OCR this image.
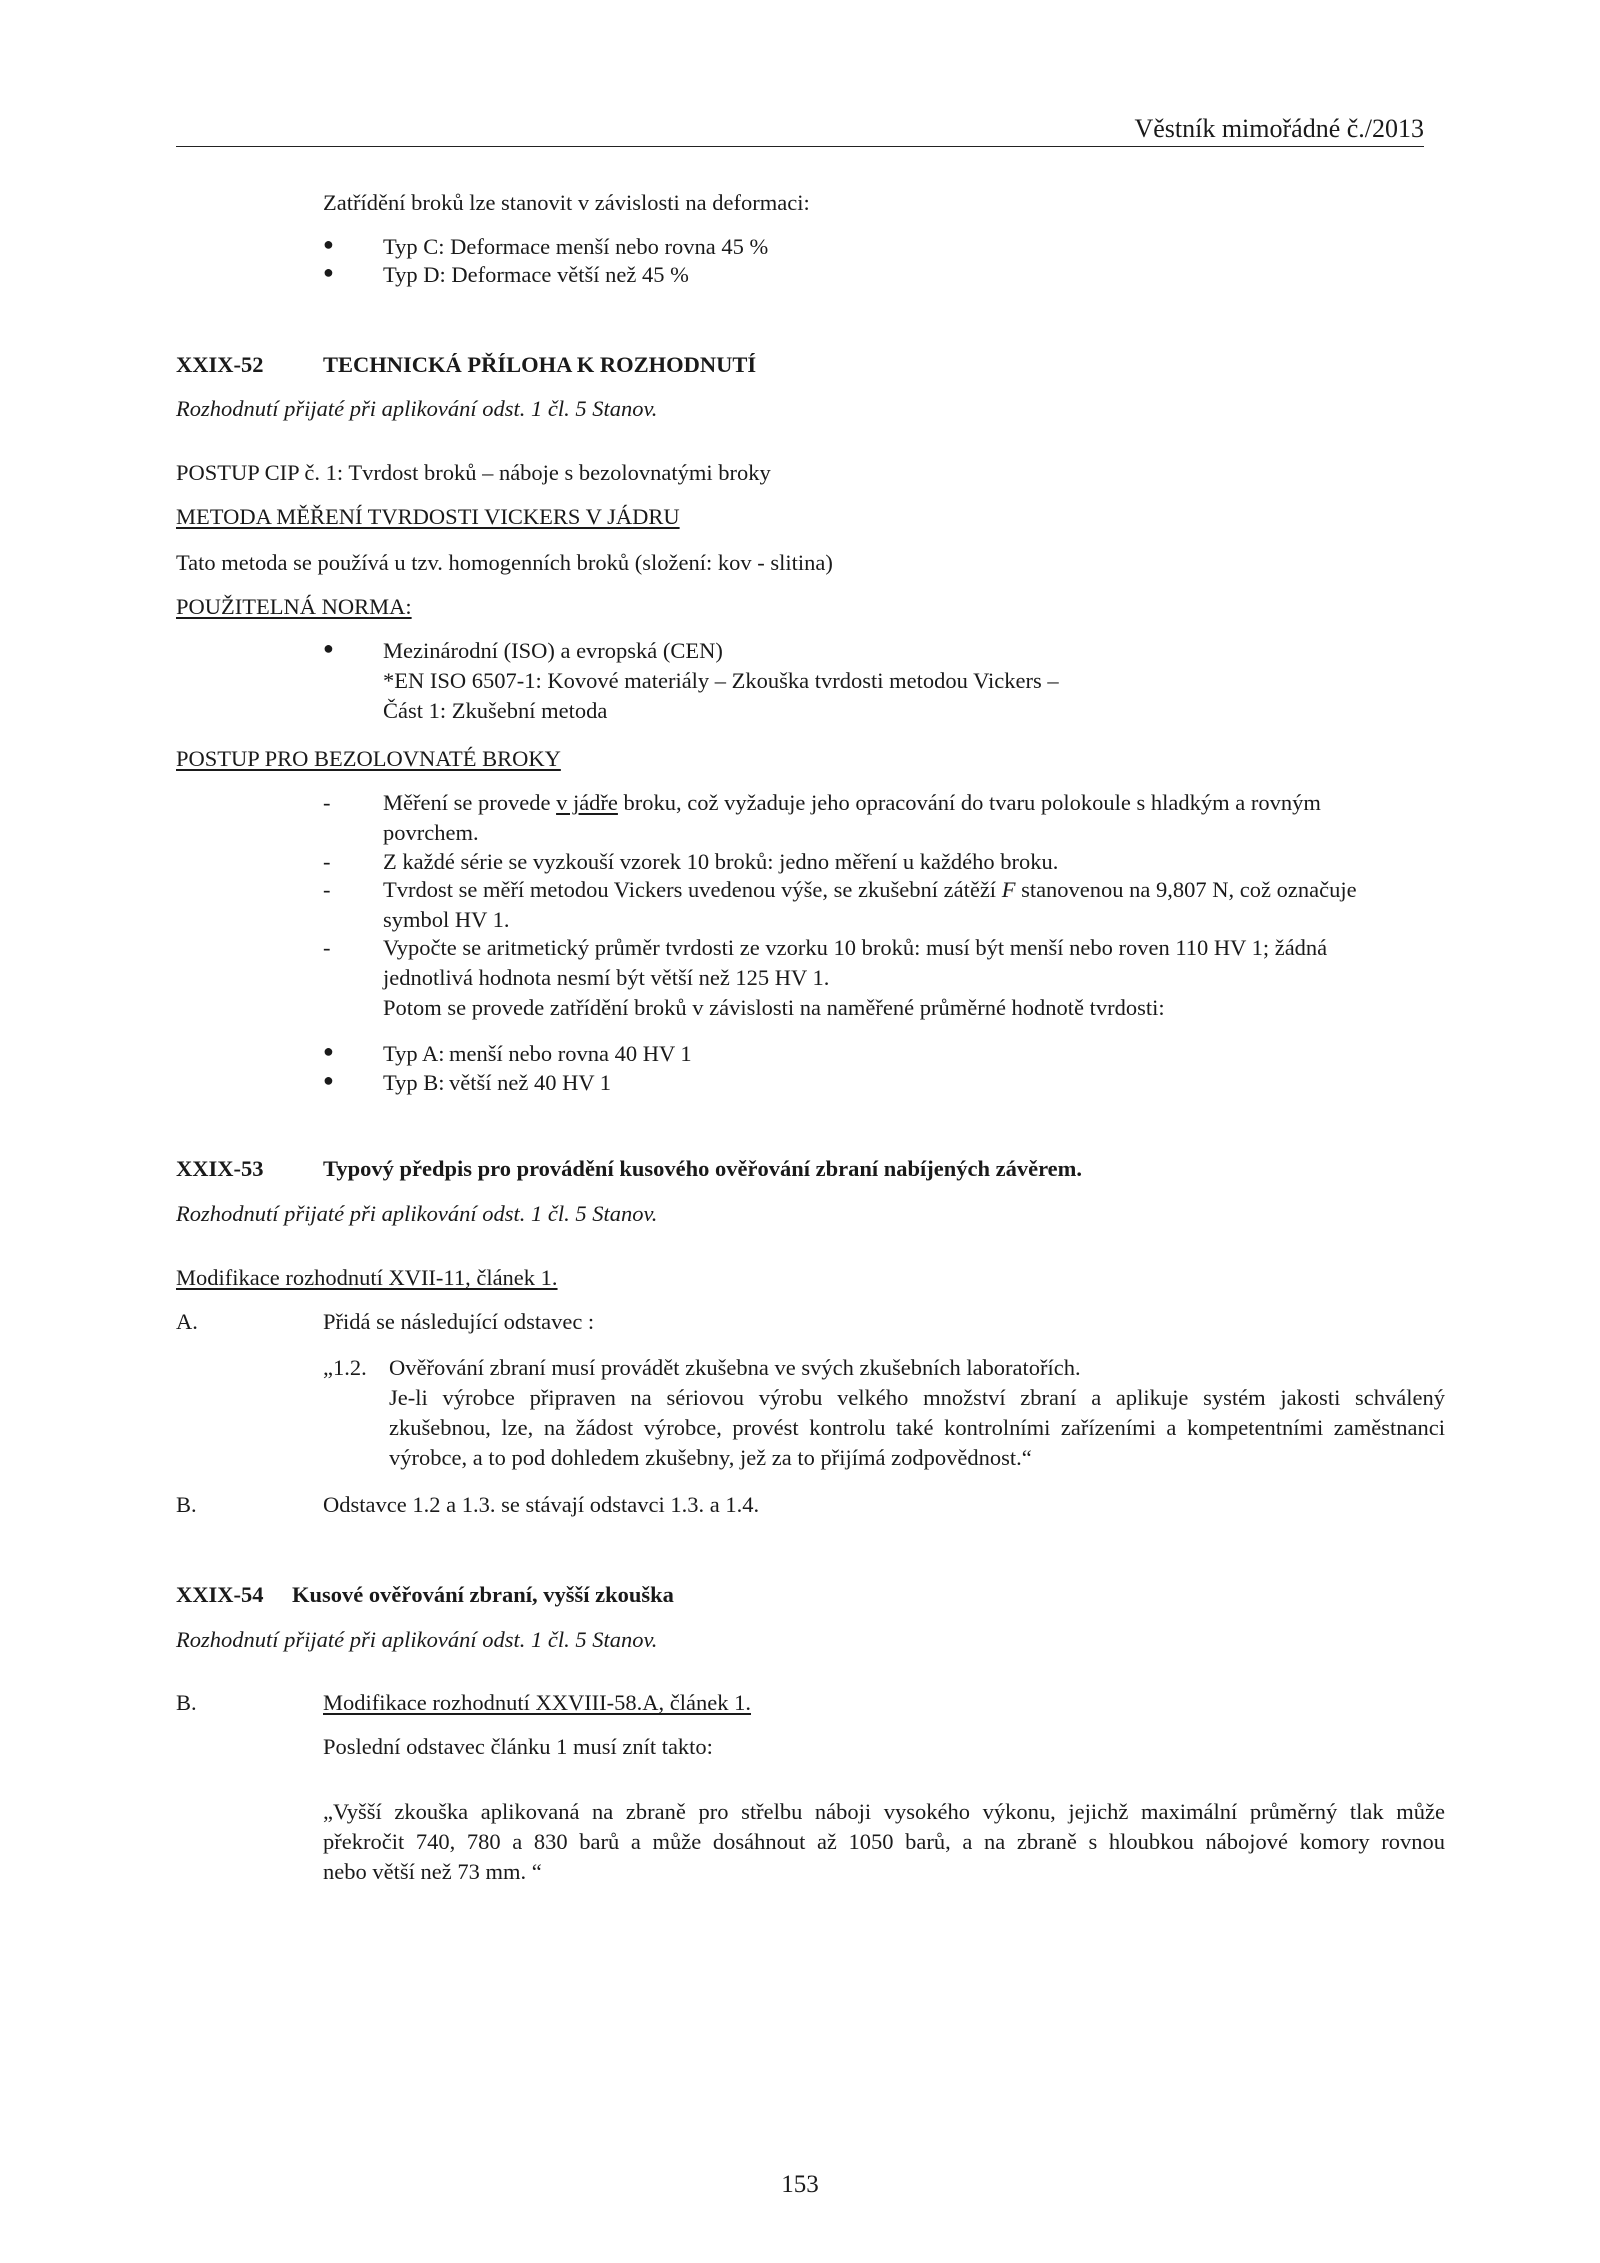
Věstník mimořádné č./2013
Zatřídění broků lze stanovit v závislosti na deformaci:
●	Typ C: Deformace menší nebo rovna 45 %
●	Typ D: Deformace větší než 45 %
XXIX-52	TECHNICKÁ PŘÍLOHA K ROZHODNUTÍ
Rozhodnutí přijaté při aplikování odst. 1 čl. 5 Stanov.
POSTUP CIP č. 1: Tvrdost broků – náboje s bezolovnatými broky
METODA MĚŘENÍ TVRDOSTI VICKERS V JÁDRU
Tato metoda se používá u tzv. homogenních broků (složení: kov - slitina)
POUŽITELNÁ NORMA:
●	Mezinárodní (ISO) a evropská (CEN)
*EN ISO 6507-1: Kovové materiály – Zkouška tvrdosti metodou Vickers –
Část 1: Zkušební metoda
POSTUP PRO BEZOLOVNATÉ BROKY
-	Měření se provede v jádře broku, což vyžaduje jeho opracování do tvaru polokoule s hladkým a rovným
povrchem.
-	Z každé série se vyzkouší vzorek 10 broků: jedno měření u každého broku.
-	Tvrdost se měří metodou Vickers uvedenou výše, se zkušební zátěží F stanovenou na 9,807 N, což označuje
symbol HV 1.
-	Vypočte se aritmetický průměr tvrdosti ze vzorku 10 broků: musí být menší nebo roven 110 HV 1; žádná
jednotlivá hodnota nesmí být větší než 125 HV 1.
Potom se provede zatřídění broků v závislosti na naměřené průměrné hodnotě tvrdosti:
●	Typ A: menší nebo rovna 40 HV 1
●	Typ B: větší než 40 HV 1
XXIX-53	Typový předpis pro provádění kusového ověřování zbraní nabíjených závěrem.
Rozhodnutí přijaté při aplikování odst. 1 čl. 5 Stanov.
Modifikace rozhodnutí XVII-11, článek 1.
A.	Přidá se následující odstavec :
„1.2. Ověřování zbraní musí provádět zkušebna ve svých zkušebních laboratořích.
Je-li výrobce připraven na sériovou výrobu velkého množství zbraní a aplikuje systém jakosti schválený
zkušebnou, lze, na žádost výrobce, provést kontrolu také kontrolními zařízeními a kompetentními zaměstnanci
výrobce, a to pod dohledem zkušebny, jež za to přijímá zodpovědnost.“
B.	Odstavce 1.2 a 1.3. se stávají odstavci 1.3. a 1.4.
XXIX-54 Kusové ověřování zbraní, vyšší zkouška
Rozhodnutí přijaté při aplikování odst. 1 čl. 5 Stanov.
B.	Modifikace rozhodnutí XXVIII-58.A, článek 1.
Poslední odstavec článku 1 musí znít takto:
„Vyšší zkouška aplikovaná na zbraně pro střelbu náboji vysokého výkonu, jejichž maximální průměrný tlak může
překročit 740, 780 a 830 barů a může dosáhnout až 1050 barů, a na zbraně s hloubkou nábojové komory rovnou
nebo větší než 73 mm. “
153
